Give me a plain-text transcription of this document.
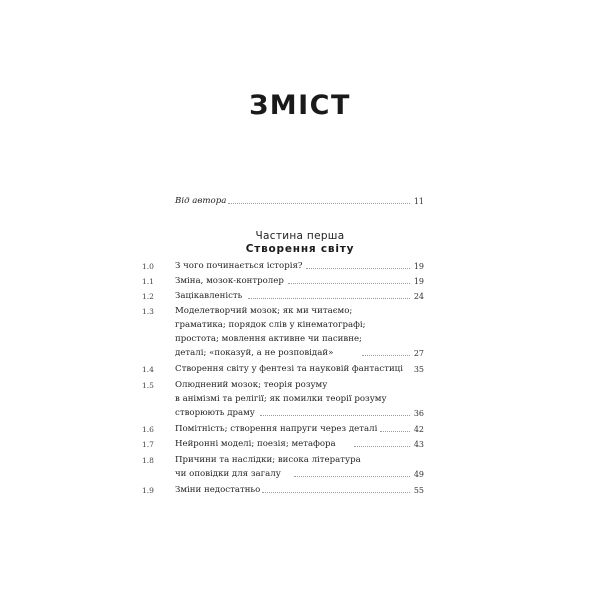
ЗМІСТ
Від автора	11
Частина перша
Створення світу
1.0	З чого починається історія?	19
1.1	Зміна, мозок-контролер	19
1.2	Зацікавленість	24
1.3	Моделетворчий мозок; як ми читаємо;
граматика; порядок слів у кінематографі;
простота; мовлення активне чи пасивне;
деталі; «показуй, а не розповідай»	27
1.4	Створення світу у фентезі та науковій фантастиці 35
1.5	Олюднений мозок; теорія розуму
в анімізмі та релігії; як помилки теорії розуму
створюють драму	36
1.6	Помітність; створення напруги через деталі	42
1.7	Нейронні моделі; поезія; метафора	43
1.8	Причини та наслідки; висока література
чи оповідки для загалу	49
1.9	Зміни недостатньо	55
